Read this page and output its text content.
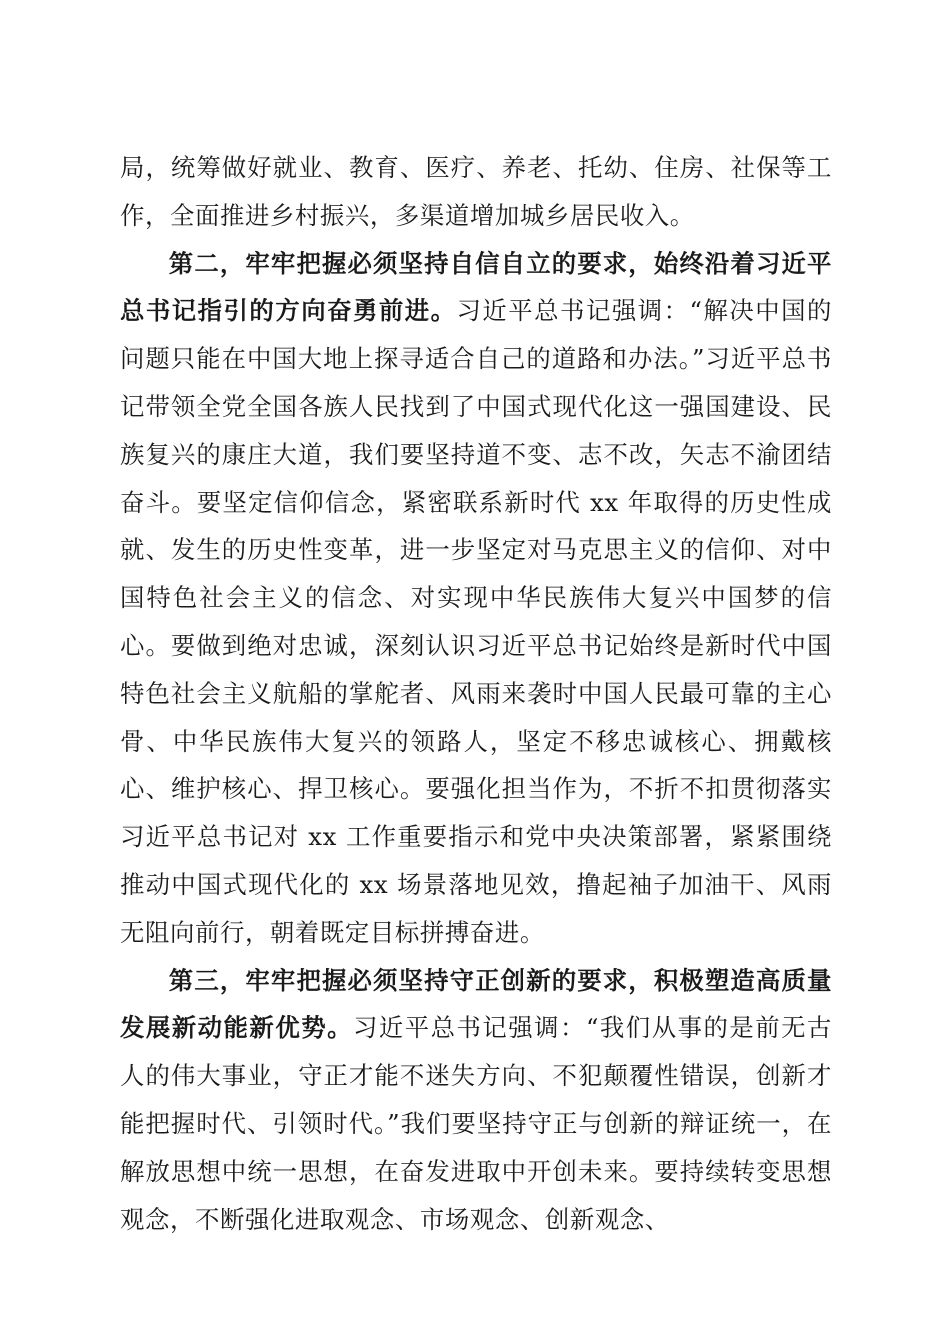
局，统筹做好就业、教育、医疗、养老、托幼、住房、社保等工作，全面推进乡村振兴，多渠道增加城乡居民收入。

第二，牢牢把握必须坚持自信自立的要求，始终沿着习近平总书记指引的方向奋勇前进。习近平总书记强调：“解决中国的问题只能在中国大地上探寻适合自己的道路和办法。”习近平总书记带领全党全国各族人民找到了中国式现代化这一强国建设、民族复兴的康庄大道，我们要坚持道不变、志不改，矢志不渝团结奋斗。要坚定信仰信念，紧密联系新时代 xx 年取得的历史性成就、发生的历史性变革，进一步坚定对马克思主义的信仰、对中国特色社会主义的信念、对实现中华民族伟大复兴中国梦的信心。要做到绝对忠诚，深刻认识习近平总书记始终是新时代中国特色社会主义航船的掌舵者、风雨来袭时中国人民最可靠的主心骨、中华民族伟大复兴的领路人，坚定不移忠诚核心、拥戴核心、维护核心、捍卫核心。要强化担当作为，不折不扣贯彻落实习近平总书记对 xx 工作重要指示和党中央决策部署，紧紧围绕推动中国式现代化的 xx 场景落地见效，撸起袖子加油干、风雨无阻向前行，朝着既定目标拼搏奋进。

第三，牢牢把握必须坚持守正创新的要求，积极塑造高质量发展新动能新优势。习近平总书记强调：“我们从事的是前无古人的伟大事业，守正才能不迷失方向、不犯颠覆性错误，创新才能把握时代、引领时代。”我们要坚持守正与创新的辩证统一，在解放思想中统一思想，在奋发进取中开创未来。要持续转变思想观念，不断强化进取观念、市场观念、创新观念、
